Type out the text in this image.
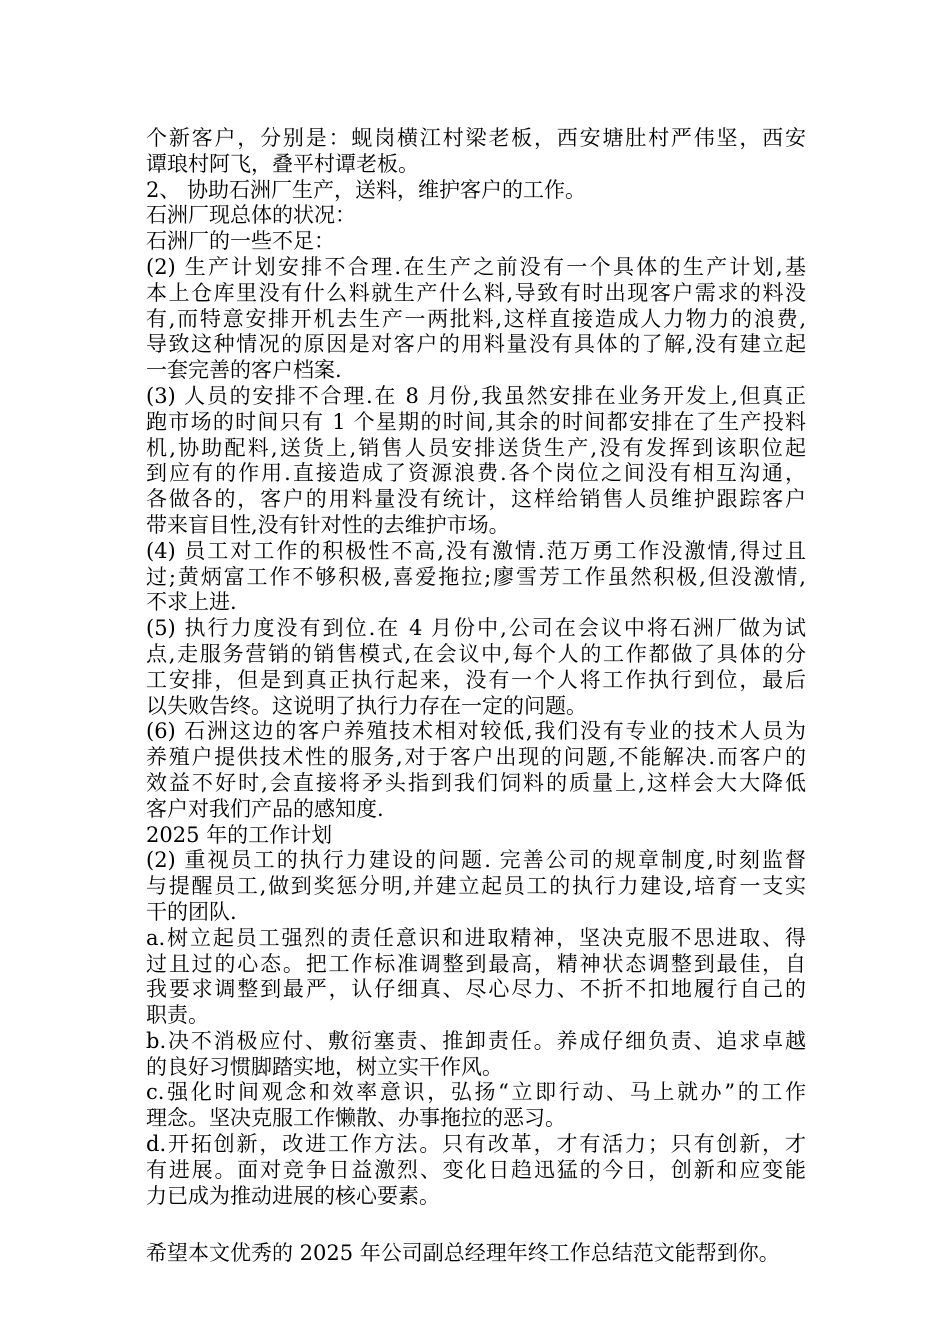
个新客户，分别是：蚬岗横江村梁老板，西安塘肚村严伟坚，西安
谭琅村阿飞，叠平村谭老板。
2、 协助石洲厂生产，送料，维护客户的工作。
石洲厂现总体的状况：
石洲厂的一些不足：
(2) 生产计划安排不合理.在生产之前没有一个具体的生产计划,基
本上仓库里没有什么料就生产什么料,导致有时出现客户需求的料没
有,而特意安排开机去生产一两批料,这样直接造成人力物力的浪费,
导致这种情况的原因是对客户的用料量没有具体的了解,没有建立起
一套完善的客户档案.
(3) 人员的安排不合理.在 8 月份,我虽然安排在业务开发上,但真正
跑市场的时间只有 1 个星期的时间,其余的时间都安排在了生产投料
机,协助配料,送货上,销售人员安排送货生产,没有发挥到该职位起
到应有的作用.直接造成了资源浪费.各个岗位之间没有相互沟通，
各做各的，客户的用料量没有统计，这样给销售人员维护跟踪客户
带来盲目性,没有针对性的去维护市场。
(4) 员工对工作的积极性不高,没有激情.范万勇工作没激情,得过且
过;黄炳富工作不够积极,喜爱拖拉;廖雪芳工作虽然积极,但没激情,
不求上进.
(5) 执行力度没有到位.在 4 月份中,公司在会议中将石洲厂做为试
点,走服务营销的销售模式,在会议中,每个人的工作都做了具体的分
工安排，但是到真正执行起来，没有一个人将工作执行到位，最后
以失败告终。这说明了执行力存在一定的问题。
(6) 石洲这边的客户养殖技术相对较低,我们没有专业的技术人员为
养殖户提供技术性的服务,对于客户出现的问题,不能解决.而客户的
效益不好时,会直接将矛头指到我们饲料的质量上,这样会大大降低
客户对我们产品的感知度.
2025 年的工作计划
(2) 重视员工的执行力建设的问题. 完善公司的规章制度,时刻监督
与提醒员工,做到奖惩分明,并建立起员工的执行力建设,培育一支实
干的团队.
a.树立起员工强烈的责任意识和进取精神，坚决克服不思进取、得
过且过的心态。把工作标准调整到最高，精神状态调整到最佳，自
我要求调整到最严，认仔细真、尽心尽力、不折不扣地履行自己的
职责。
b.决不消极应付、敷衍塞责、推卸责任。养成仔细负责、追求卓越
的良好习惯脚踏实地，树立实干作风。
c.强化时间观念和效率意识，弘扬“立即行动、马上就办”的工作
理念。坚决克服工作懒散、办事拖拉的恶习。
d.开拓创新，改进工作方法。只有改革，才有活力；只有创新，才
有进展。面对竞争日益激烈、变化日趋迅猛的今日，创新和应变能
力已成为推动进展的核心要素。
希望本文优秀的 2025 年公司副总经理年终工作总结范文能帮到你。
